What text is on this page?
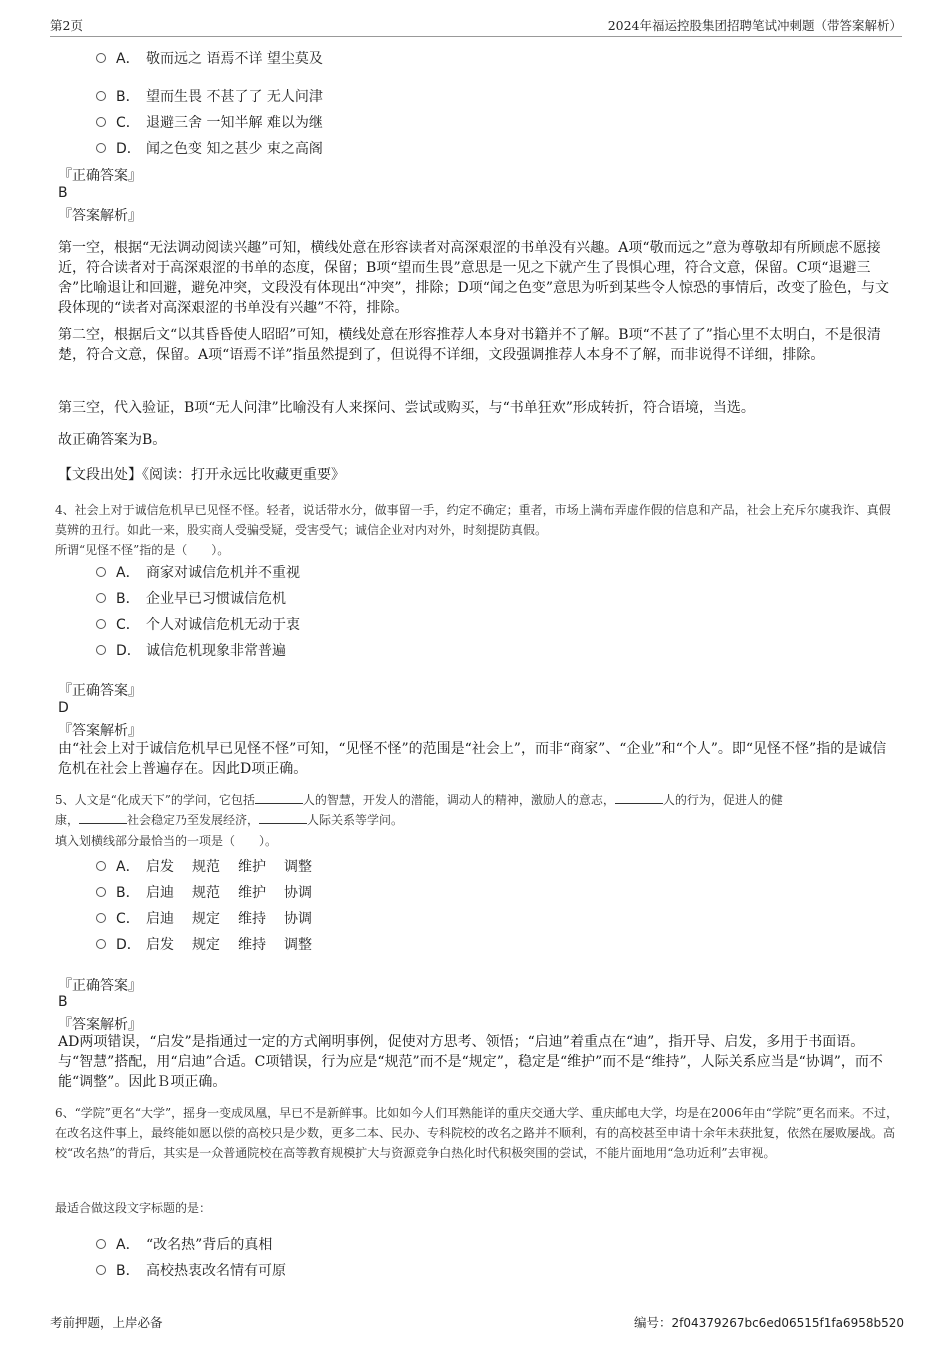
第2页	2024年福运控股集团招聘笔试冲刺题（带答案解析）
A． 敬而远之 语焉不详 望尘莫及
B． 望而生畏 不甚了了 无人问津
C． 退避三舍 一知半解 难以为继
D． 闻之色变 知之甚少 束之高阁
『正确答案』
B
『答案解析』
第一空，根据“无法调动阅读兴趣”可知，横线处意在形容读者对高深艰涩的书单没有兴趣。A项“敬而远之”意为尊敬却有所顾虑不愿接近，符合读者对于高深艰涩的书单的态度，保留；B项“望而生畏”意思是一见之下就产生了畏惧心理，符合文意，保留。C项“退避三舍”比喻退让和回避，避免冲突，文段没有体现出“冲突”，排除；D项“闻之色变”意思为听到某些令人惊恐的事情后，改变了脸色，与文段体现的“读者对高深艰涩的书单没有兴趣”不符，排除。
第二空，根据后文“以其昏昏使人昭昭”可知，横线处意在形容推荐人本身对书籍并不了解。B项“不甚了了”指心里不太明白，不是很清楚，符合文意，保留。A项“语焉不详”指虽然提到了，但说得不详细，文段强调推荐人本身不了解，而非说得不详细，排除。
第三空，代入验证，B项“无人问津”比喻没有人来探问、尝试或购买，与“书单狂欢”形成转折，符合语境，当选。
故正确答案为B。
【文段出处】《阅读：打开永远比收藏更重要》
4、社会上对于诚信危机早已见怪不怪。轻者，说话带水分，做事留一手，约定不确定；重者，市场上满布弄虚作假的信息和产品，社会上充斥尔虞我诈、真假莫辨的丑行。如此一来，股实商人受骗受疑，受害受气；诚信企业对内对外，时刻提防真假。
所谓“见怪不怪”指的是（　　）。
A． 商家对诚信危机并不重视
B． 企业早已习惯诚信危机
C． 个人对诚信危机无动于衷
D． 诚信危机现象非常普遍
『正确答案』
D
『答案解析』
由“社会上对于诚信危机早已见怪不怪”可知，“见怪不怪”的范围是“社会上”，而非“商家”、“企业”和“个人”。即“见怪不怪”指的是诚信危机在社会上普遍存在。因此D项正确。
5、人文是“化成天下”的学问，它包括	人的智慧，开发人的潜能，调动人的精神，激励人的意志，	人的行为，促进人的健
康，	社会稳定乃至发展经济，	人际关系等学问。
填入划横线部分最恰当的一项是（　　）。
A． 启发 规范 维护 调整
B． 启迪 规范 维护 协调
C． 启迪 规定 维持 协调
D． 启发 规定 维持 调整
『正确答案』
B
『答案解析』
AD两项错误，“启发”是指通过一定的方式阐明事例，促使对方思考、领悟；“启迪”着重点在“迪”，指开导、启发，多用于书面语。与“智慧”搭配，用“启迪”合适。C项错误，行为应是“规范”而不是“规定”，稳定是“维护”而不是“维持”，人际关系应当是“协调”，而不能“调整”。因此Ｂ项正确。
6、“学院”更名“大学”，摇身一变成凤凰，早已不是新鲜事。比如如今人们耳熟能详的重庆交通大学、重庆邮电大学，均是在2006年由“学院”更名而来。不过，在改名这件事上，最终能如愿以偿的高校只是少数，更多二本、民办、专科院校的改名之路并不顺利，有的高校甚至申请十余年未获批复，依然在屡败屡战。高校“改名热”的背后，其实是一众普通院校在高等教育规模扩大与资源竞争白热化时代积极突围的尝试，不能片面地用“急功近利”去审视。
最适合做这段文字标题的是：
A． “改名热”背后的真相
B． 高校热衷改名情有可原
考前押题，上岸必备	编号：2f04379267bc6ed06515f1fa6958b520
